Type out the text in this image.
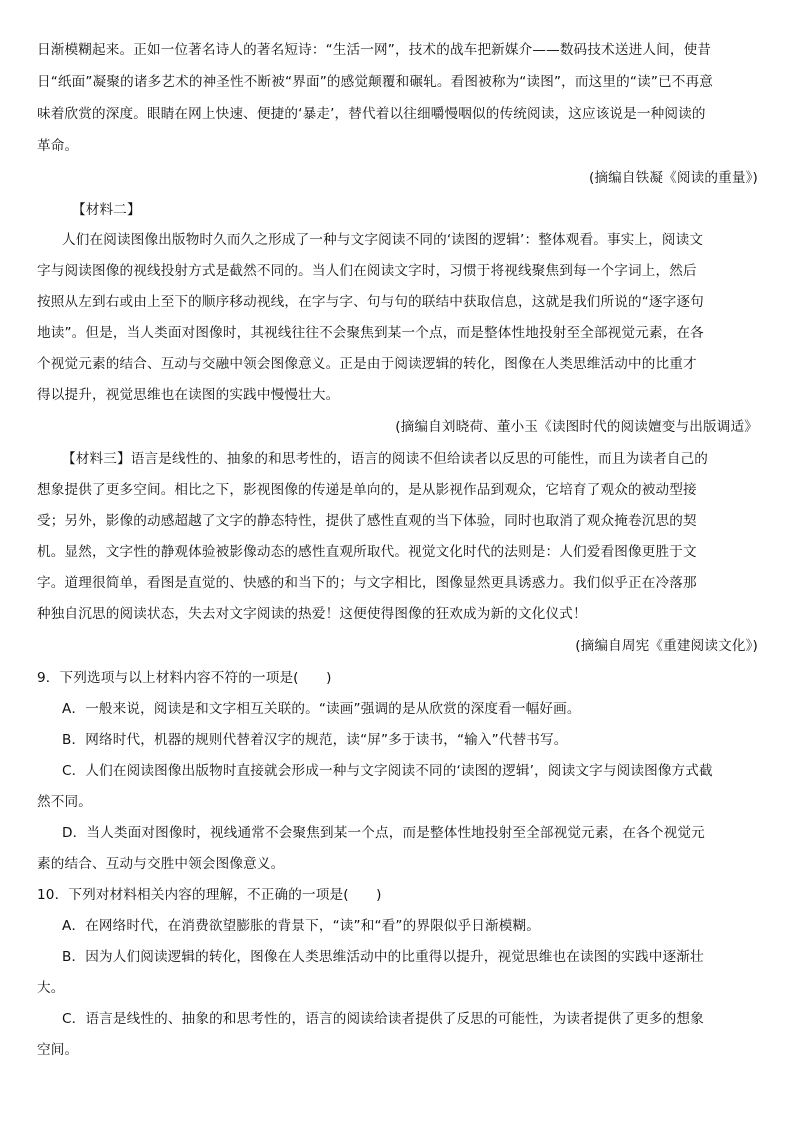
日渐模糊起来。正如一位著名诗人的著名短诗：“生活一网”，技术的战车把新媒介——数码技术送进人间，使昔
日“纸面”凝聚的诸多艺术的神圣性不断被“界面”的感觉颠覆和碾轧。看图被称为“读图”，而这里的“读”已不再意
味着欣赏的深度。眼睛在网上快速、便捷的‘暴走’，替代着以往细嚼慢咽似的传统阅读，这应该说是一种阅读的
革命。
(摘编自铁凝《阅读的重量》)
【材料二】
人们在阅读图像出版物时久而久之形成了一种与文字阅读不同的‘读图的逻辑’：整体观看。事实上，阅读文
字与阅读图像的视线投射方式是截然不同的。当人们在阅读文字时，习惯于将视线聚焦到每一个字词上，然后
按照从左到右或由上至下的顺序移动视线，在字与字、句与句的联结中获取信息，这就是我们所说的“逐字逐句
地读”。但是，当人类面对图像时，其视线往往不会聚焦到某一个点，而是整体性地投射至全部视觉元素，在各
个视觉元素的结合、互动与交融中领会图像意义。正是由于阅读逻辑的转化，图像在人类思维活动中的比重才
得以提升，视觉思维也在读图的实践中慢慢壮大。
(摘编自刘晓荷、董小玉《读图时代的阅读嬗变与出版调适》
【材料三】语言是线性的、抽象的和思考性的，语言的阅读不但给读者以反思的可能性，而且为读者自己的
想象提供了更多空间。相比之下，影视图像的传递是单向的，是从影视作品到观众，它培育了观众的被动型接
受；另外，影像的动感超越了文字的静态特性，提供了感性直观的当下体验，同时也取消了观众掩卷沉思的契
机。显然，文字性的静观体验被影像动态的感性直观所取代。视觉文化时代的法则是：人们爱看图像更胜于文
字。道理很简单，看图是直觉的、快感的和当下的；与文字相比，图像显然更具诱惑力。我们似乎正在冷落那
种独自沉思的阅读状态，失去对文字阅读的热爱！这便使得图像的狂欢成为新的文化仪式！
(摘编自周宪《重建阅读文化》)
9．下列选项与以上材料内容不符的一项是(　　)
A．一般来说，阅读是和文字相互关联的。“读画”强调的是从欣赏的深度看一幅好画。
B．网络时代，机器的规则代替着汉字的规范，读“屏”多于读书，“输入”代替书写。
C．人们在阅读图像出版物时直接就会形成一种与文字阅读不同的‘读图的逻辑’，阅读文字与阅读图像方式截
然不同。
D．当人类面对图像时，视线通常不会聚焦到某一个点，而是整体性地投射至全部视觉元素，在各个视觉元
素的结合、互动与交胜中领会图像意义。
10．下列对材料相关内容的理解，不正确的一项是(　　)
A．在网络时代，在消费欲望膨胀的背景下，“读”和“看”的界限似乎日渐模糊。
B．因为人们阅读逻辑的转化，图像在人类思维活动中的比重得以提升，视觉思维也在读图的实践中逐渐壮
大。
C．语言是线性的、抽象的和思考性的，语言的阅读给读者提供了反思的可能性，为读者提供了更多的想象
空间。
